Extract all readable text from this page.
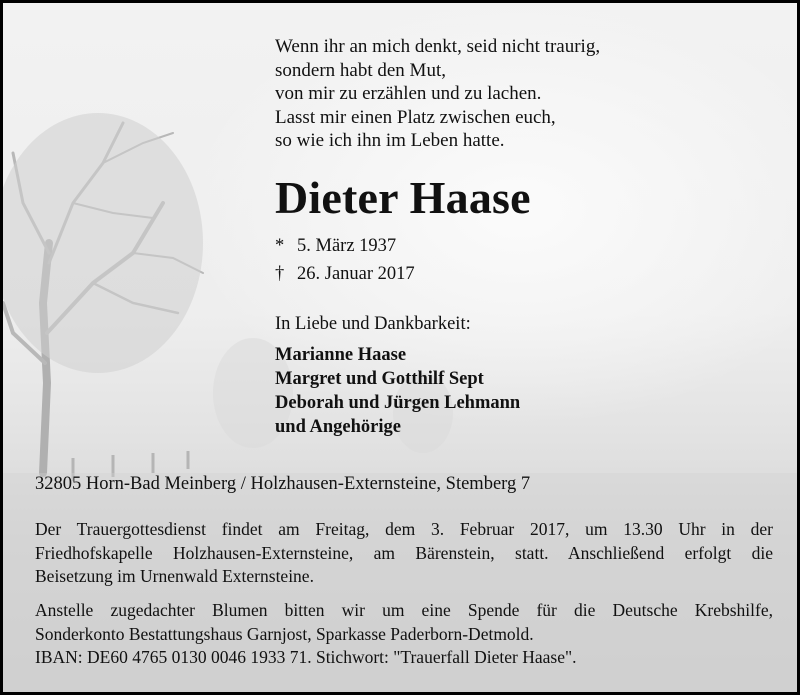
Wenn ihr an mich denkt, seid nicht traurig,
sondern habt den Mut,
von mir zu erzählen und zu lachen.
Lasst mir einen Platz zwischen euch,
so wie ich ihn im Leben hatte.
Dieter Haase
* 5. März 1937
† 26. Januar 2017
In Liebe und Dankbarkeit:
Marianne Haase
Margret und Gotthilf Sept
Deborah und Jürgen Lehmann
und Angehörige
32805 Horn-Bad Meinberg / Holzhausen-Externsteine, Stemberg 7
Der Trauergottesdienst findet am Freitag, dem 3. Februar 2017, um 13.30 Uhr in der
Friedhofskapelle Holzhausen-Externsteine, am Bärenstein, statt. Anschließend erfolgt die
Beisetzung im Urnenwald Externsteine.
Anstelle zugedachter Blumen bitten wir um eine Spende für die Deutsche Krebshilfe,
Sonderkonto Bestattungshaus Garnjost, Sparkasse Paderborn-Detmold.
IBAN: DE60 4765 0130 0046 1933 71. Stichwort: "Trauerfall Dieter Haase".
